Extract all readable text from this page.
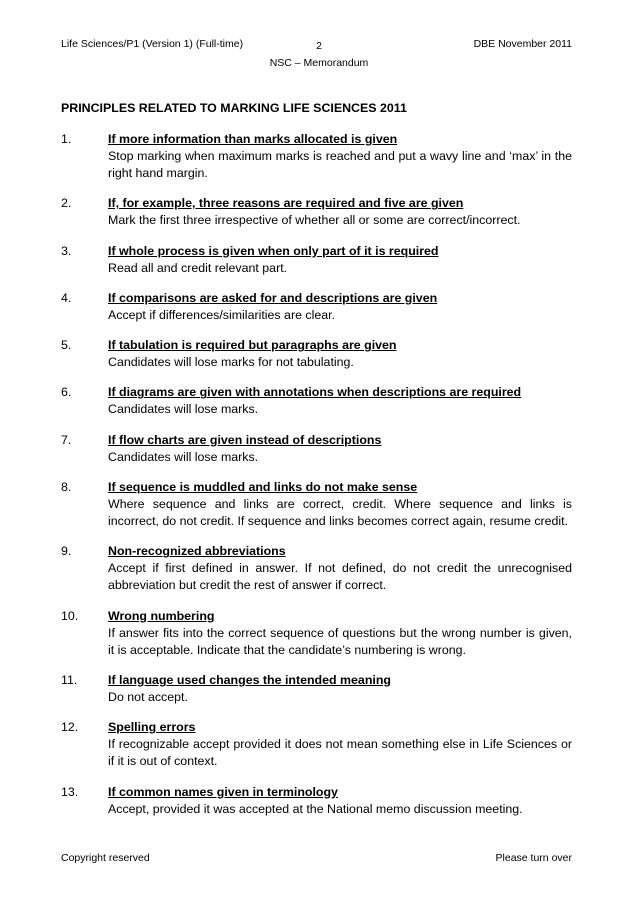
Life Sciences/P1 (Version 1) (Full-time)	2
NSC – Memorandum
DBE November 2011
PRINCIPLES RELATED TO MARKING LIFE SCIENCES 2011
1.	If more information than marks allocated is given
Stop marking when maximum marks is reached and put a wavy line and ‘max’ in the right hand margin.
2.	If, for example, three reasons are required and five are given
Mark the first three irrespective of whether all or some are correct/incorrect.
3.	If whole process is given when only part of it is required
Read all and credit relevant part.
4.	If comparisons are asked for and descriptions are given
Accept if differences/similarities are clear.
5.	If tabulation is required but paragraphs are given
Candidates will lose marks for not tabulating.
6.	If diagrams are given with annotations when descriptions are required
Candidates will lose marks.
7.	If flow charts are given instead of descriptions
Candidates will lose marks.
8.	If sequence is muddled and links do not make sense
Where sequence and links are correct, credit. Where sequence and links is incorrect, do not credit. If sequence and links becomes correct again, resume credit.
9.	Non-recognized abbreviations
Accept if first defined in answer. If not defined, do not credit the unrecognised abbreviation but credit the rest of answer if correct.
10.	Wrong numbering
If answer fits into the correct sequence of questions but the wrong number is given, it is acceptable. Indicate that the candidate’s numbering is wrong.
11.	If language used changes the intended meaning
Do not accept.
12.	Spelling errors
If recognizable accept provided it does not mean something else in Life Sciences or if it is out of context.
13.	If common names given in terminology
Accept, provided it was accepted at the National memo discussion meeting.
Copyright reserved	Please turn over
